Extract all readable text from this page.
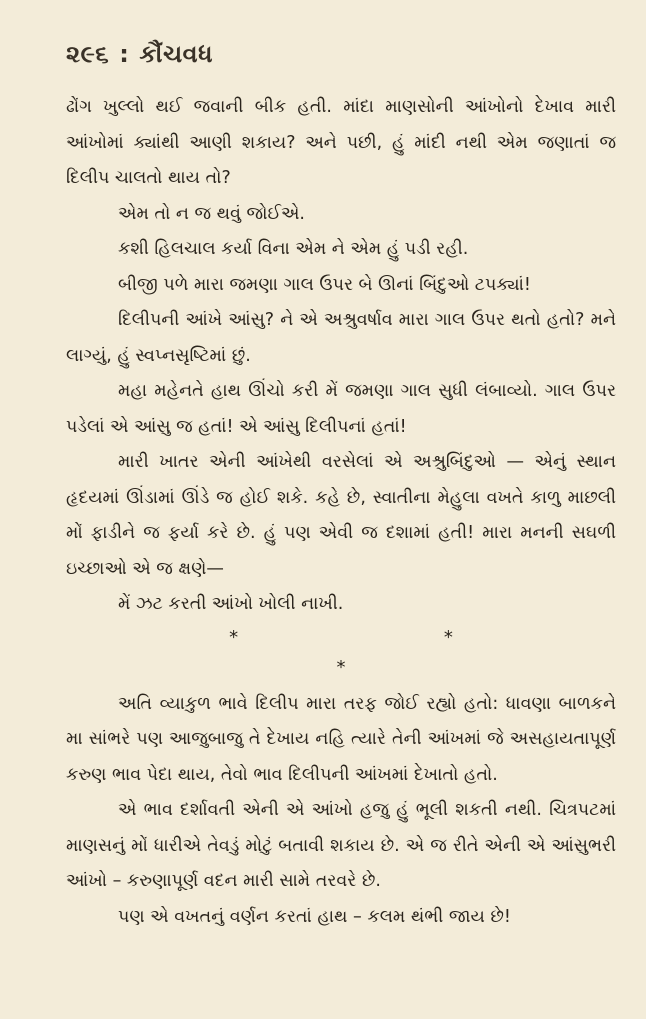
૨૯૬ : કૌંચવધ

ઢોંગ ખુલ્લો થઈ જવાની બીક હતી. માંદા માણસોની આંખોનો દેખાવ મારી આંખોમાં ક્યાંથી આણી શકાય? અને પછી, હું માંદી નથી એમ જણાતાં જ દિલીપ ચાલતો થાય તો?

એમ તો ન જ થવું જોઈએ.

કશી હિલચાલ કર્યા વિના એમ ને એમ હું પડી રહી.

બીજી પળે મારા જમણા ગાલ ઉપર બે ઊનાં બિંદુઓ ટપક્યાં!

દિલીપની આંખે આંસુ? ને એ અશ્રુવર્ષાવ મારા ગાલ ઉપર થતો હતો? મને લાગ્યું, હું સ્વપ્નસૃષ્ટિમાં છું.

મહા મહેનતે હાથ ઊંચો કરી મેં જમણા ગાલ સુધી લંબાવ્યો. ગાલ ઉપર પડેલાં એ આંસુ જ હતાં! એ આંસુ દિલીપનાં હતાં!

મારી ખાતર એની આંખેથી વરસેલાં એ અશ્રુબિંદુઓ — એનું સ્થાન હૃદયમાં ઊંડામાં ઊંડે જ હોઈ શકે. કહે છે, સ્વાતીના મેહુલા વખતે કાળુ માછલી મોં ફાડીને જ ફર્યા કરે છે. હું પણ એવી જ દશામાં હતી! મારા મનની સઘળી ઇચ્છાઓ એ જ ક્ષણે—

મેં ઝટ કરતી આંખો ખોલી નાખી.

* * *

અતિ વ્યાકુળ ભાવે દિલીપ મારા તરફ જોઈ રહ્યો હતો: ધાવણા બાળકને મા સાંભરે પણ આજુબાજુ તે દેખાય નહિ ત્યારે તેની આંખમાં જે અસહાયતાપૂર્ણ કરુણ ભાવ પેદા થાય, તેવો ભાવ દિલીપની આંખમાં દેખાતો હતો.

એ ભાવ દર્શાવતી એની એ આંખો હજુ હું ભૂલી શકતી નથી. ચિત્રપટમાં માણસનું મોં ધારીએ તેવડું મોટું બતાવી શકાય છે. એ જ રીતે એની એ આંસુભરી આંખો – કરુણાપૂર્ણ વદન મારી સામે તરવરે છે.

પણ એ વખતનું વર્ણન કરતાં હાથ – કલમ થંભી જાય છે!
